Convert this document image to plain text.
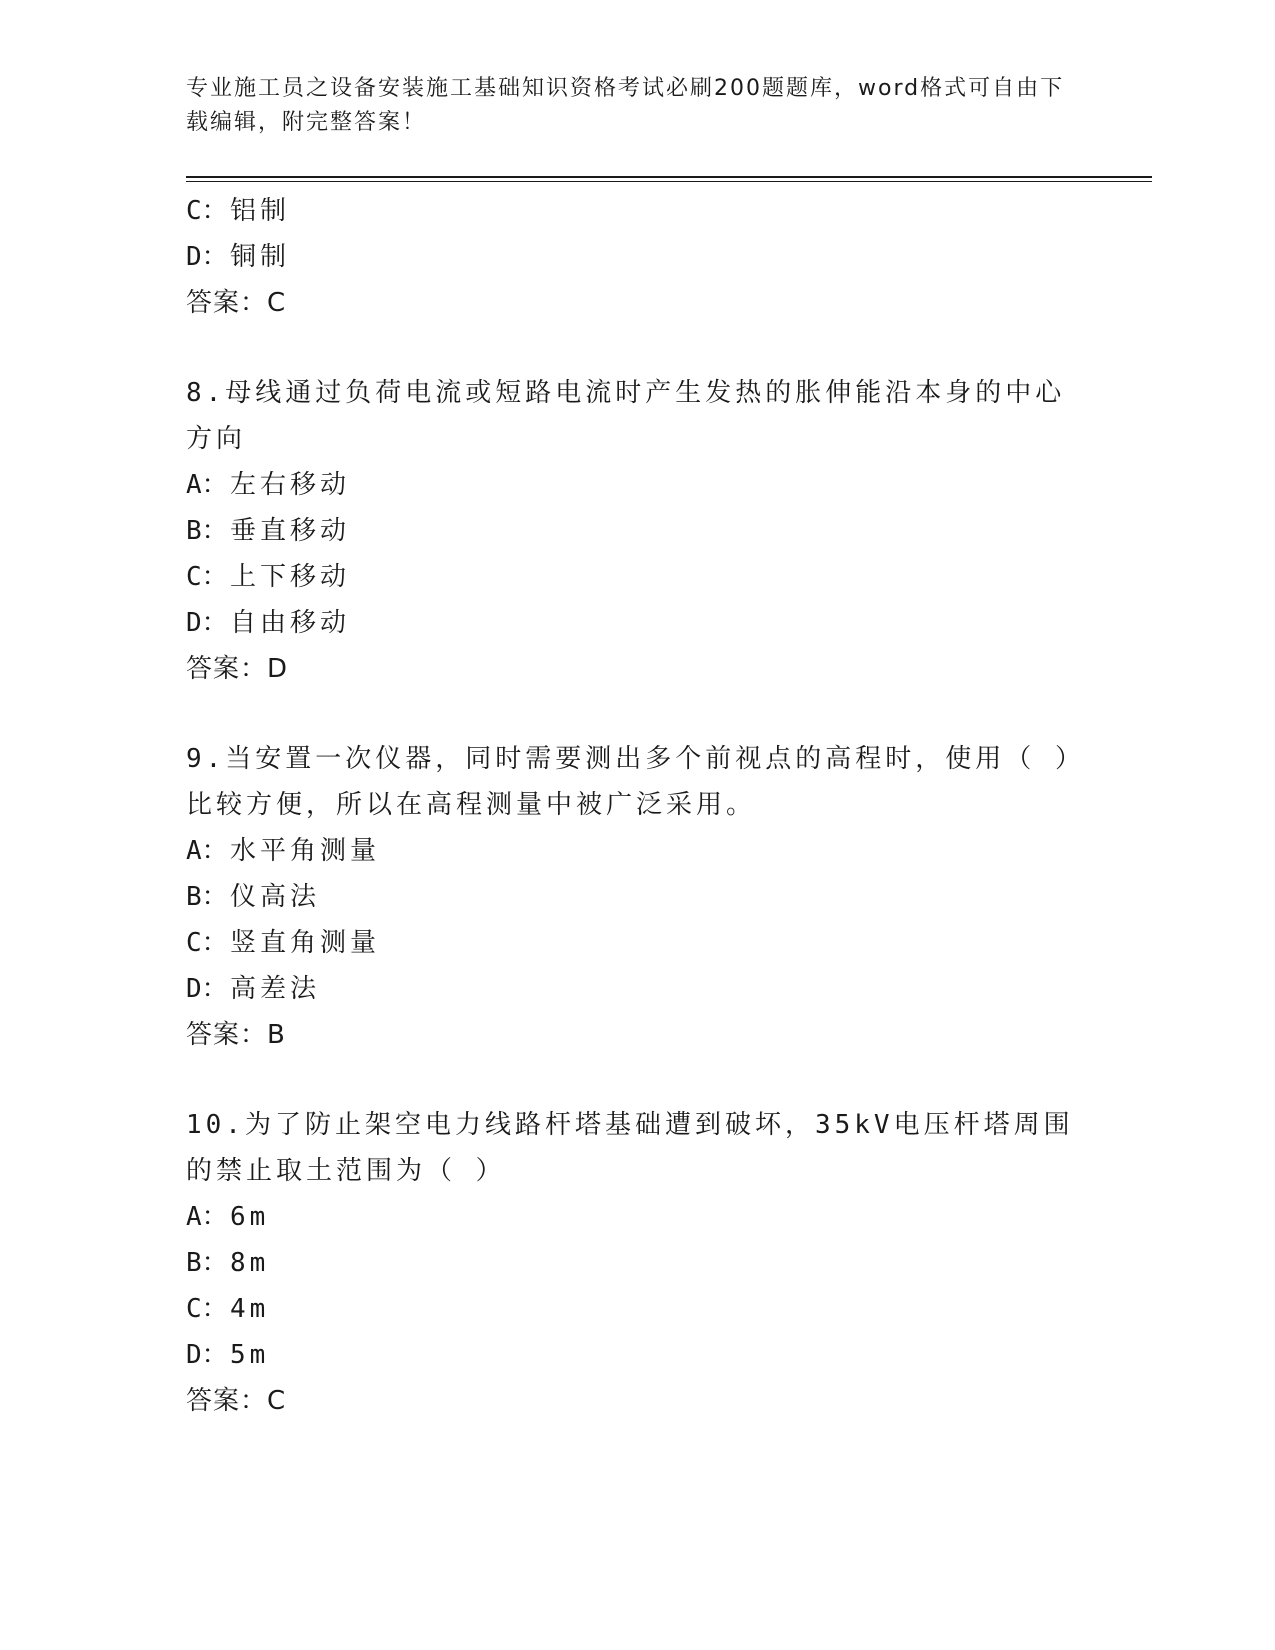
专业施工员之设备安装施工基础知识资格考试必刷200题题库，word格式可自由下载编辑，附完整答案！
C：铝制
D：铜制
答案：C
8.母线通过负荷电流或短路电流时产生发热的胀伸能沿本身的中心方向
A：左右移动
B：垂直移动
C：上下移动
D：自由移动
答案：D
9.当安置一次仪器，同时需要测出多个前视点的高程时，使用（ ）比较方便，所以在高程测量中被广泛采用。
A：水平角测量
B：仪高法
C：竖直角测量
D：高差法
答案：B
10.为了防止架空电力线路杆塔基础遭到破坏，35kV电压杆塔周围的禁止取土范围为（ ）
A：6m
B：8m
C：4m
D：5m
答案：C
